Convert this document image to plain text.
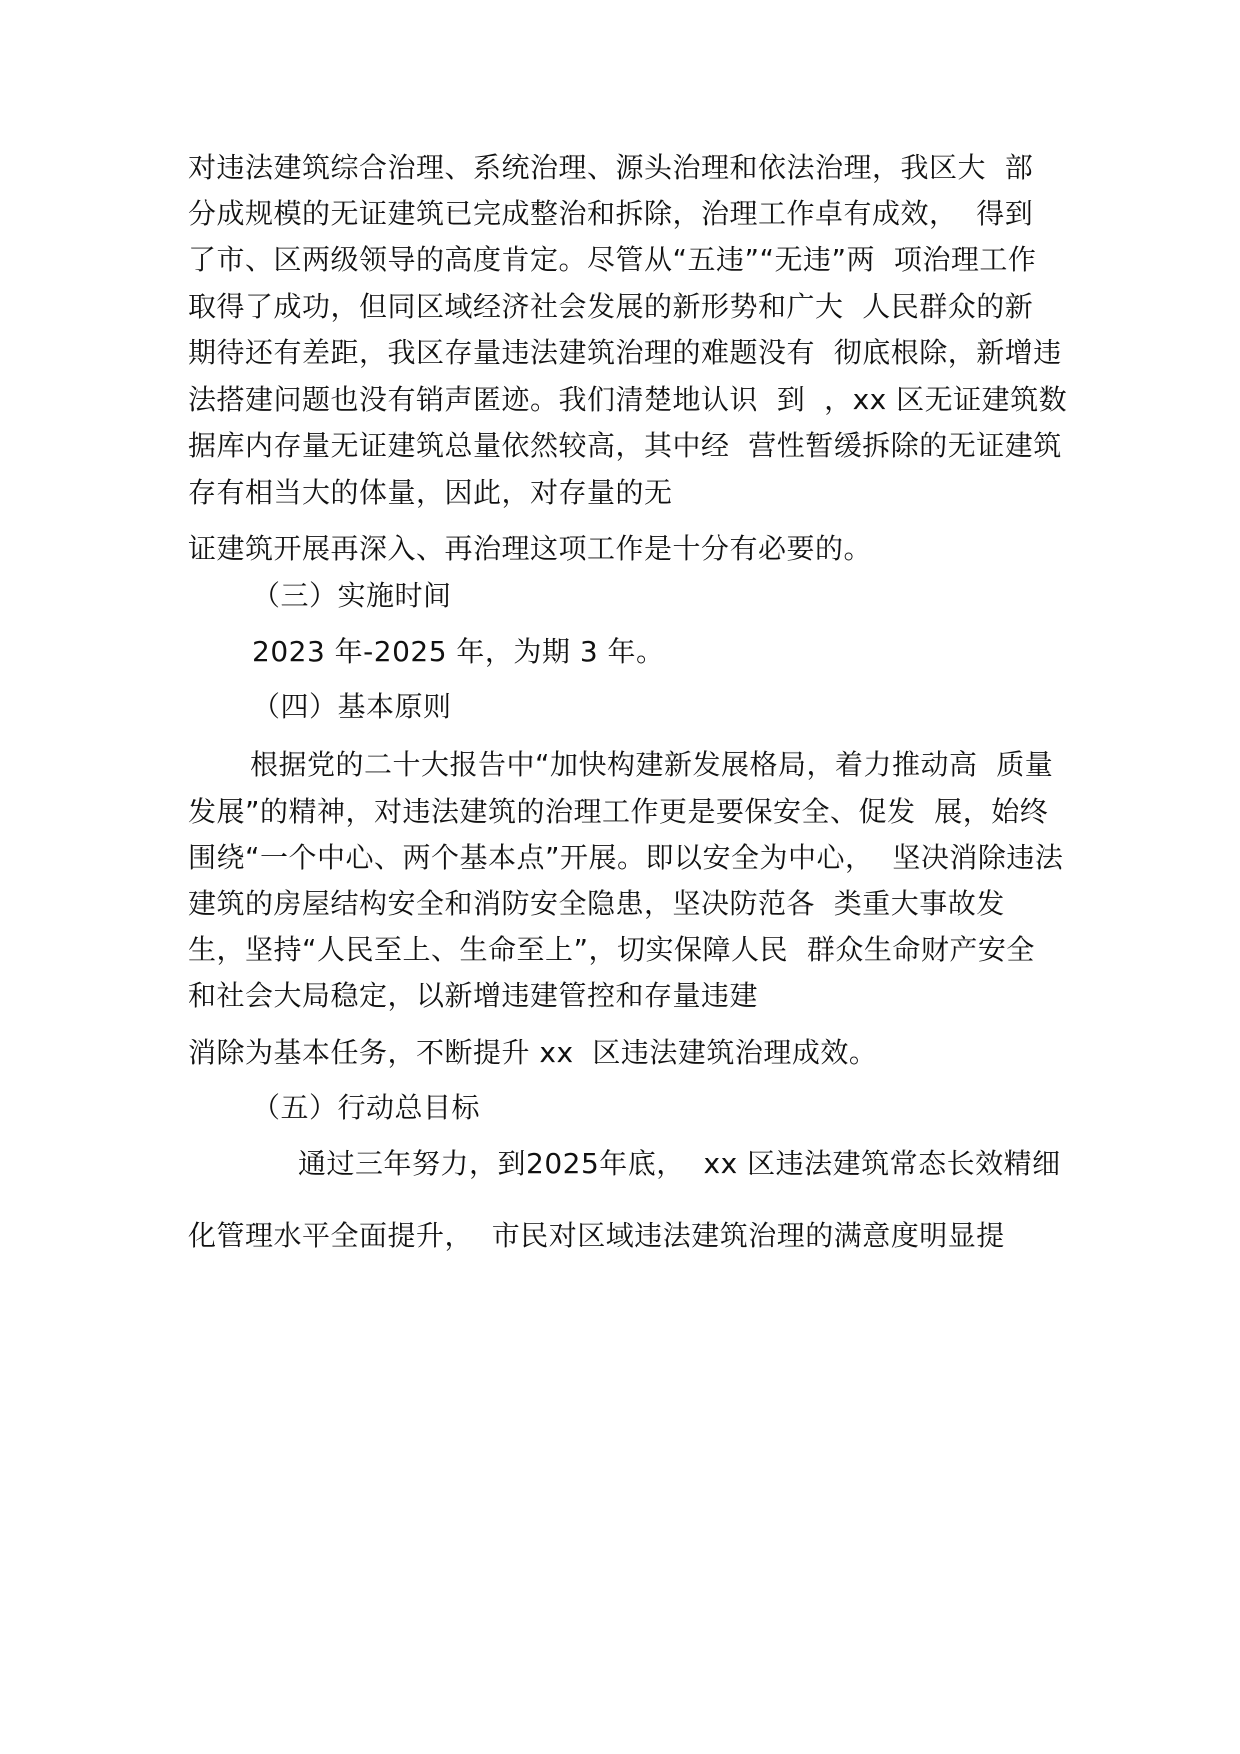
对违法建筑综合治理、系统治理、源头治理和依法治理，我区大  部
分成规模的无证建筑已完成整治和拆除，治理工作卓有成效，  得到
了市、区两级领导的高度肯定。尽管从“五违”“无违”两  项治理工作
取得了成功，但同区域经济社会发展的新形势和广大  人民群众的新
期待还有差距，我区存量违法建筑治理的难题没有  彻底根除，新增违
法搭建问题也没有销声匿迹。我们清楚地认识  到  ，xx 区无证建筑数
据库内存量无证建筑总量依然较高，其中经  营性暂缓拆除的无证建筑
存有相当大的体量，因此，对存量的无
证建筑开展再深入、再治理这项工作是十分有必要的。
（三）实施时间
2023 年-2025 年，为期 3 年。
（四）基本原则
根据党的二十大报告中“加快构建新发展格局，着力推动高  质量
发展”的精神，对违法建筑的治理工作更是要保安全、促发  展，始终
围绕“一个中心、两个基本点”开展。即以安全为中心，  坚决消除违法
建筑的房屋结构安全和消防安全隐患，坚决防范各  类重大事故发
生，坚持“人民至上、生命至上”，切实保障人民  群众生命财产安全
和社会大局稳定，以新增违建管控和存量违建
消除为基本任务，不断提升 xx  区违法建筑治理成效。
（五）行动总目标
通过三年努力，到2025年底，  xx 区违法建筑常态长效精细
化管理水平全面提升，  市民对区域违法建筑治理的满意度明显提
